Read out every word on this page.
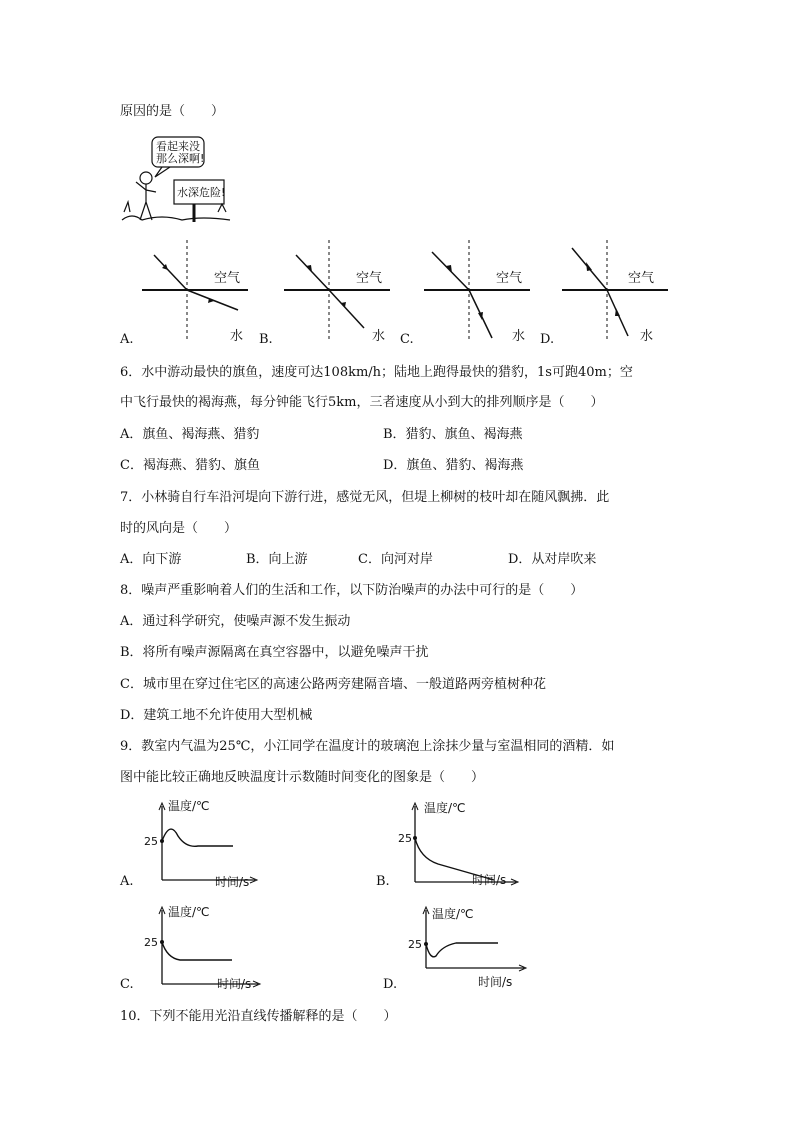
原因的是（　　）
看起来没
那么深啊!
水深危险!
空气
水
A.
空气
水
B.
空气
水
C.
空气
水
D.
6．水中游动最快的旗鱼，速度可达108km/h；陆地上跑得最快的猎豹，1s可跑40m；空
中飞行最快的褐海燕，每分钟能飞行5km，三者速度从小到大的排列顺序是（　　）
A．旗鱼、褐海燕、猎豹	B．猎豹、旗鱼、褐海燕
C．褐海燕、猎豹、旗鱼	D．旗鱼、猎豹、褐海燕
7．小林骑自行车沿河堤向下游行进，感觉无风，但堤上柳树的枝叶却在随风飘拂．此
时的风向是（　　）
A．向下游	B．向上游	C．向河对岸	D．从对岸吹来
8．噪声严重影响着人们的生活和工作，以下防治噪声的办法中可行的是（　　）
A．通过科学研究，使噪声源不发生振动
B．将所有噪声源隔离在真空容器中，以避免噪声干扰
C．城市里在穿过住宅区的高速公路两旁建隔音墙、一般道路两旁植树种花
D．建筑工地不允许使用大型机械
9．教室内气温为25℃，小江同学在温度计的玻璃泡上涂抹少量与室温相同的酒精．如
图中能比较正确地反映温度计示数随时间变化的图象是（　　）
温度/℃
25
时间/s
A.
温度/℃
25
时间/s
B.
温度/℃
25
时间/s
C.
温度/℃
25
时间/s
D.
10．下列不能用光沿直线传播解释的是（　　）
